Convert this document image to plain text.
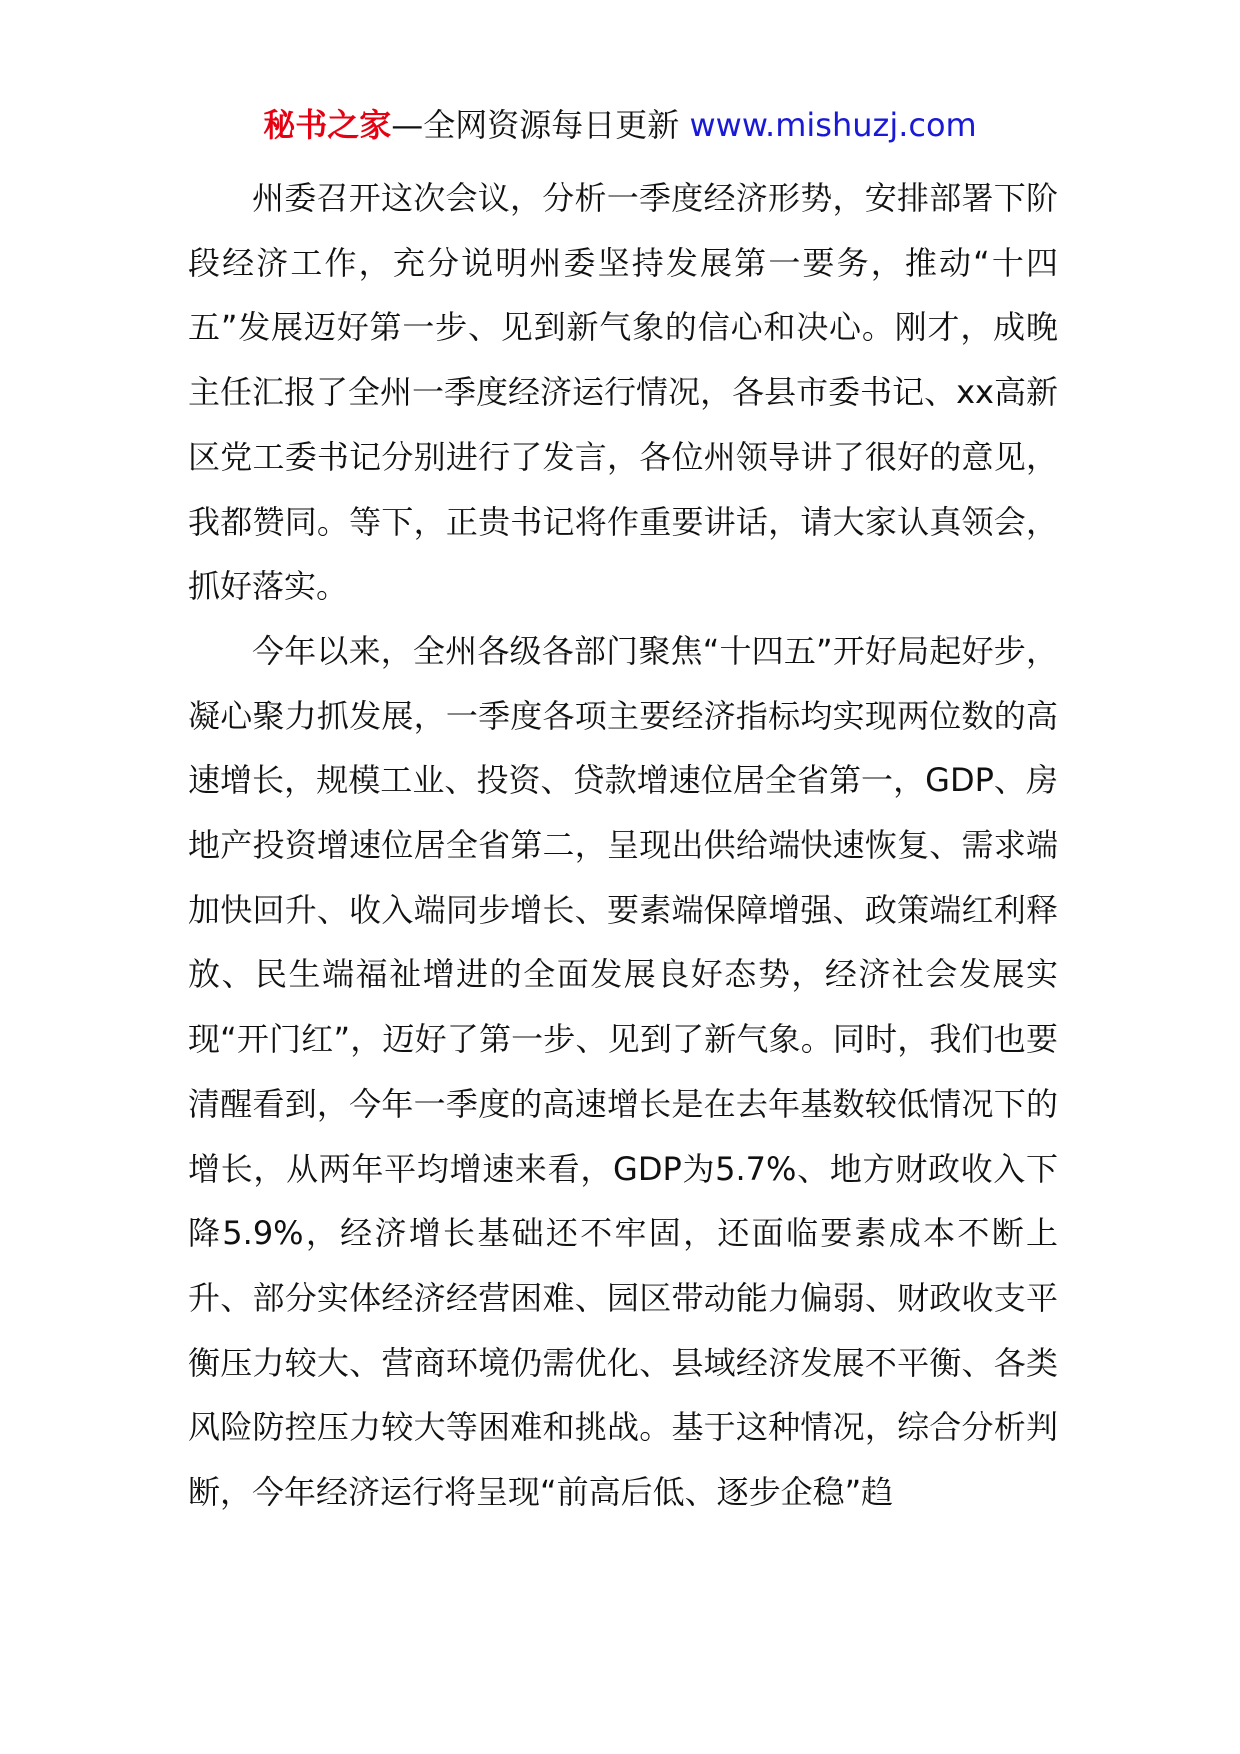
秘书之家—全网资源每日更新 www.mishuzj.com

州委召开这次会议，分析一季度经济形势，安排部署下阶段经济工作，充分说明州委坚持发展第一要务，推动“十四五”发展迈好第一步、见到新气象的信心和决心。刚才，成晚主任汇报了全州一季度经济运行情况，各县市委书记、xx高新区党工委书记分别进行了发言，各位州领导讲了很好的意见，我都赞同。等下，正贵书记将作重要讲话，请大家认真领会，抓好落实。

今年以来，全州各级各部门聚焦“十四五”开好局起好步，凝心聚力抓发展，一季度各项主要经济指标均实现两位数的高速增长，规模工业、投资、贷款增速位居全省第一，GDP、房地产投资增速位居全省第二，呈现出供给端快速恢复、需求端加快回升、收入端同步增长、要素端保障增强、政策端红利释放、民生端福祉增进的全面发展良好态势，经济社会发展实现“开门红”，迈好了第一步、见到了新气象。同时，我们也要清醒看到，今年一季度的高速增长是在去年基数较低情况下的增长，从两年平均增速来看，GDP为5.7%、地方财政收入下降5.9%，经济增长基础还不牢固，还面临要素成本不断上升、部分实体经济经营困难、园区带动能力偏弱、财政收支平衡压力较大、营商环境仍需优化、县域经济发展不平衡、各类风险防控压力较大等困难和挑战。基于这种情况，综合分析判断，今年经济运行将呈现“前高后低、逐步企稳”趋
